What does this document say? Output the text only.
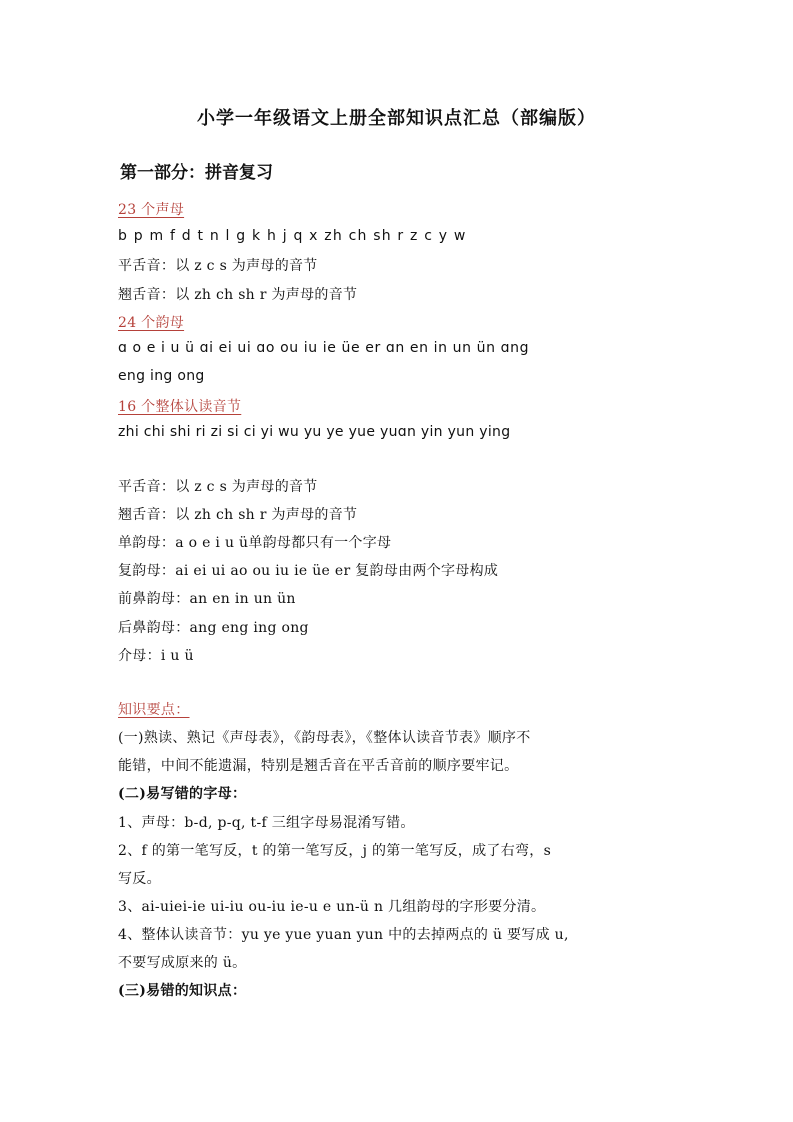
小学一年级语文上册全部知识点汇总（部编版）
第一部分：拼音复习
23 个声母
b p m f d t n l g k h j q x zh ch sh r z c y w
平舌音：以 z c s 为声母的音节
翘舌音：以 zh ch sh r 为声母的音节
24 个韵母
ɑ o e i u ü ɑi ei ui ɑo ou iu ie üe er ɑn en in un ün ɑng
eng ing ong
16 个整体认读音节
zhi chi shi ri zi si ci yi wu yu ye yue yuɑn yin yun ying
平舌音：以 z c s 为声母的音节
翘舌音：以 zh ch sh r 为声母的音节
单韵母：a o e i u ü单韵母都只有一个字母
复韵母：ai ei ui ao ou iu ie üe er 复韵母由两个字母构成
前鼻韵母：an en in un ün
后鼻韵母：ang eng ing ong
介母：i u ü
知识要点：
(一)熟读、熟记《声母表》，《韵母表》，《整体认读音节表》顺序不
能错，中间不能遗漏，特别是翘舌音在平舌音前的顺序要牢记。
(二)易写错的字母：
1、声母：b-d, p-q, t-f 三组字母易混淆写错。
2、f 的第一笔写反，t 的第一笔写反，j 的第一笔写反，成了右弯，s
写反。
3、ai-uiei-ie ui-iu ou-iu ie-u e un-ü n 几组韵母的字形要分清。
4、整体认读音节：yu ye yue yuan yun 中的去掉两点的 ü 要写成 u,
不要写成原来的 ü。
(三)易错的知识点：
